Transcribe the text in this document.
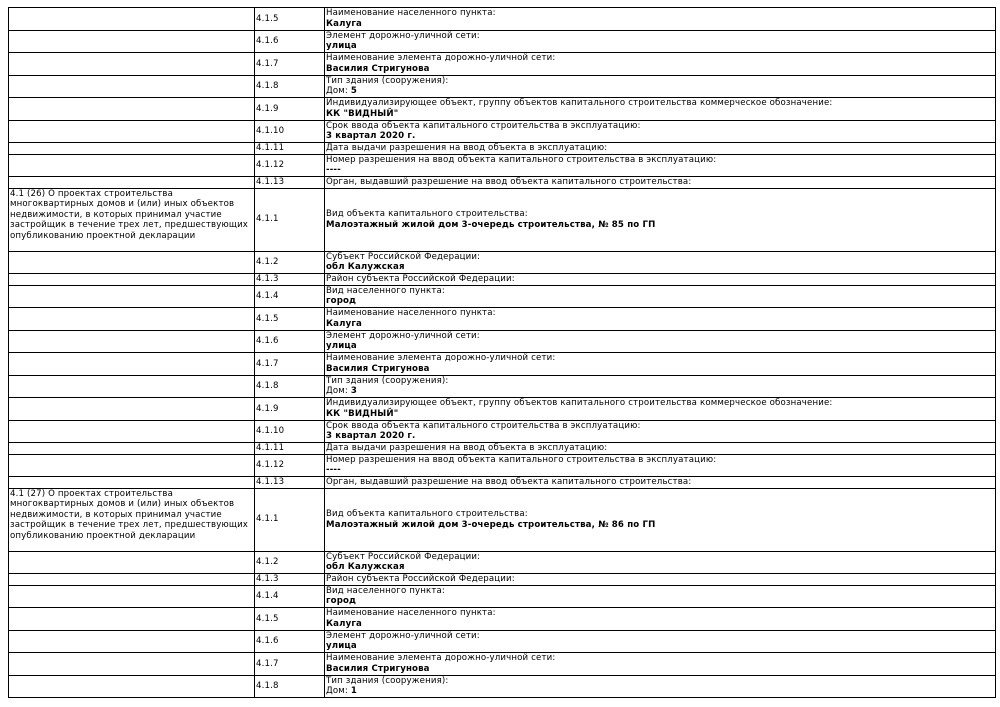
	4.1.5	Наименование населенного пункта:
Калуга

	4.1.6	Элемент дорожно-уличной сети:
улица

	4.1.7	Наименование элемента дорожно-уличной сети:
Василия Стригунова

	4.1.8	Тип здания (сооружения):
Дом: 5

	4.1.9	Индивидуализирующее объект, группу объектов капитального строительства коммерческое обозначение:
КК "ВИДНЫЙ"

	4.1.10	Срок ввода объекта капитального строительства в эксплуатацию:
3 квартал 2020 г.

	4.1.11	Дата выдачи разрешения на ввод объекта в эксплуатацию:

	4.1.12	Номер разрешения на ввод объекта капитального строительства в эксплуатацию:
----

	4.1.13	Орган, выдавший разрешение на ввод объекта капитального строительства:

4.1 (26) О проектах строительства многоквартирных домов и (или) иных объектов недвижимости, в которых принимал участие застройщик в течение трех лет, предшествующих опубликованию проектной декларации	4.1.1	Вид объекта капитального строительства:
Малоэтажный жилой дом 3-очередь строительства, № 85 по ГП

	4.1.2	Субъект Российской Федерации:
обл Калужская

	4.1.3	Район субъекта Российской Федерации:

	4.1.4	Вид населенного пункта:
город

	4.1.5	Наименование населенного пункта:
Калуга

	4.1.6	Элемент дорожно-уличной сети:
улица

	4.1.7	Наименование элемента дорожно-уличной сети:
Василия Стригунова

	4.1.8	Тип здания (сооружения):
Дом: 3

	4.1.9	Индивидуализирующее объект, группу объектов капитального строительства коммерческое обозначение:
КК "ВИДНЫЙ"

	4.1.10	Срок ввода объекта капитального строительства в эксплуатацию:
3 квартал 2020 г.

	4.1.11	Дата выдачи разрешения на ввод объекта в эксплуатацию:

	4.1.12	Номер разрешения на ввод объекта капитального строительства в эксплуатацию:
----

	4.1.13	Орган, выдавший разрешение на ввод объекта капитального строительства:

4.1 (27) О проектах строительства многоквартирных домов и (или) иных объектов недвижимости, в которых принимал участие застройщик в течение трех лет, предшествующих опубликованию проектной декларации	4.1.1	Вид объекта капитального строительства:
Малоэтажный жилой дом 3-очередь строительства, № 86 по ГП

	4.1.2	Субъект Российской Федерации:
обл Калужская

	4.1.3	Район субъекта Российской Федерации:

	4.1.4	Вид населенного пункта:
город

	4.1.5	Наименование населенного пункта:
Калуга

	4.1.6	Элемент дорожно-уличной сети:
улица

	4.1.7	Наименование элемента дорожно-уличной сети:
Василия Стригунова

	4.1.8	Тип здания (сооружения):
Дом: 1
